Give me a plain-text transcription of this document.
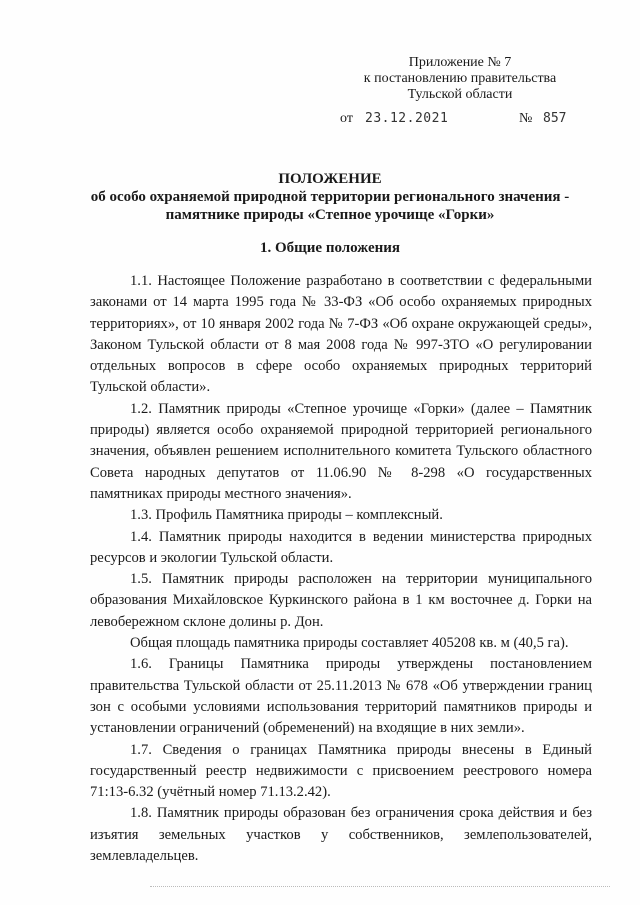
Приложение № 7
к постановлению правительства
Тульской области
от 23.12.2021	№ 857
ПОЛОЖЕНИЕ
об особо охраняемой природной территории регионального значения -
памятнике природы «Степное урочище «Горки»
1. Общие положения

1.1. Настоящее Положение разработано в соответствии с федеральными законами от 14 марта 1995 года № 33-ФЗ «Об особо охраняемых природных территориях», от 10 января 2002 года № 7-ФЗ «Об охране окружающей среды», Законом Тульской области от 8 мая 2008 года № 997-ЗТО «О регулировании отдельных вопросов в сфере особо охраняемых природных территорий Тульской области».

1.2. Памятник природы «Степное урочище «Горки» (далее – Памятник природы) является особо охраняемой природной территорией регионального значения, объявлен решением исполнительного комитета Тульского областного Совета народных депутатов от 11.06.90 № 8-298 «О государственных памятниках природы местного значения».

1.3. Профиль Памятника природы – комплексный.

1.4. Памятник природы находится в ведении министерства природных ресурсов и экологии Тульской области.

1.5. Памятник природы расположен на территории муниципального образования Михайловское Куркинского района в 1 км восточнее д. Горки на левобережном склоне долины р. Дон.

Общая площадь памятника природы составляет 405208 кв. м (40,5 га).

1.6. Границы Памятника природы утверждены постановлением правительства Тульской области от 25.11.2013 № 678 «Об утверждении границ зон с особыми условиями использования территорий памятников природы и установлении ограничений (обременений) на входящие в них земли».

1.7. Сведения о границах Памятника природы внесены в Единый государственный реестр недвижимости с присвоением реестрового номера 71:13-6.32 (учётный номер 71.13.2.42).

1.8. Памятник природы образован без ограничения срока действия и без изъятия земельных участков у собственников, землепользователей, землевладельцев.
